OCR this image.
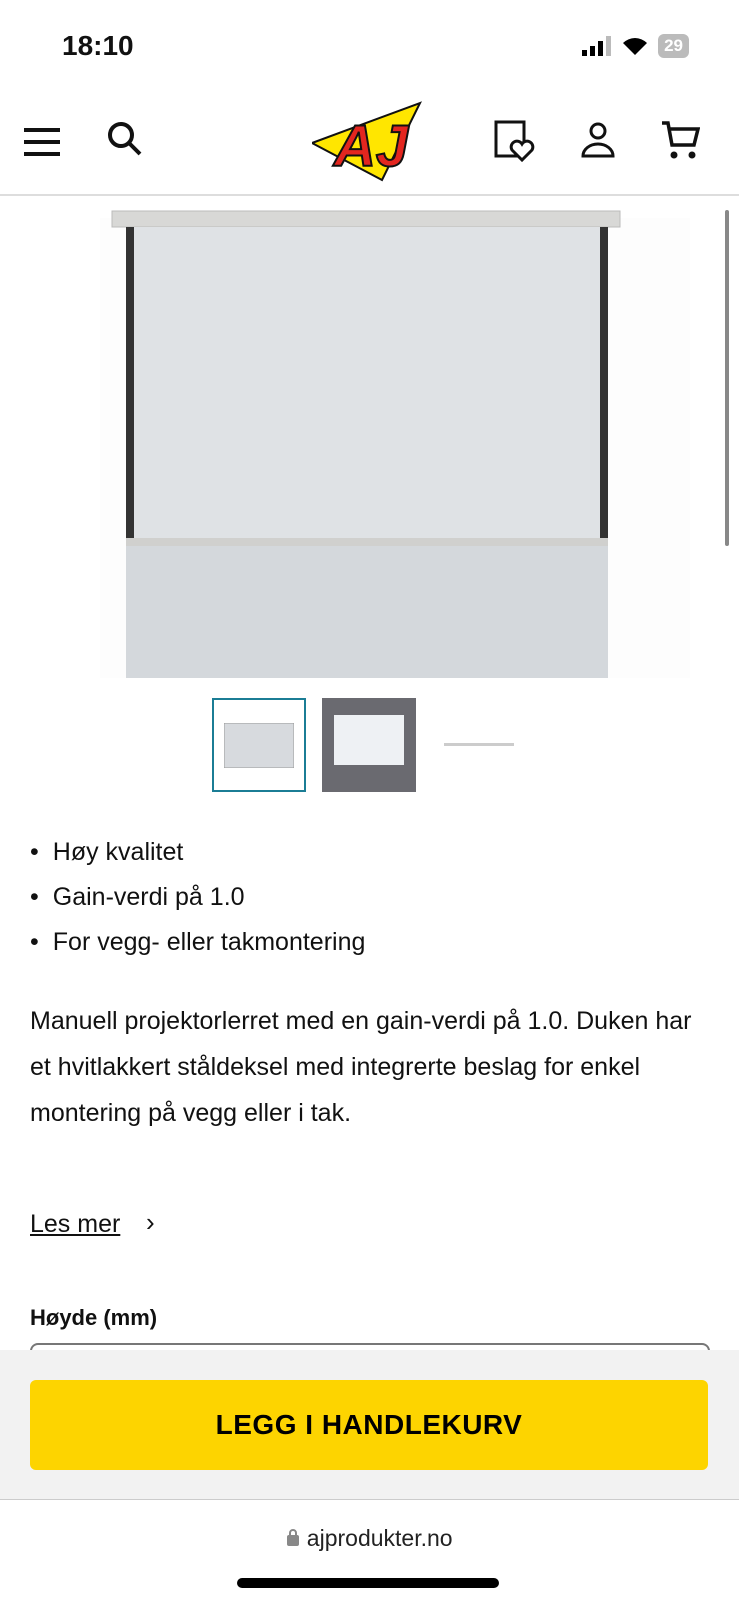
18:10	29
AJ
• Høy kvalitet
• Gain-verdi på 1.0
• For vegg- eller takmontering

Manuell projektorlerret med en gain-verdi på 1.0. Duken har et hvitlakkert ståldeksel med integrerte beslag for enkel montering på vegg eller i tak.

Les mer ›
Høyde (mm)
LEGG I HANDLEKURV
ajprodukter.no
